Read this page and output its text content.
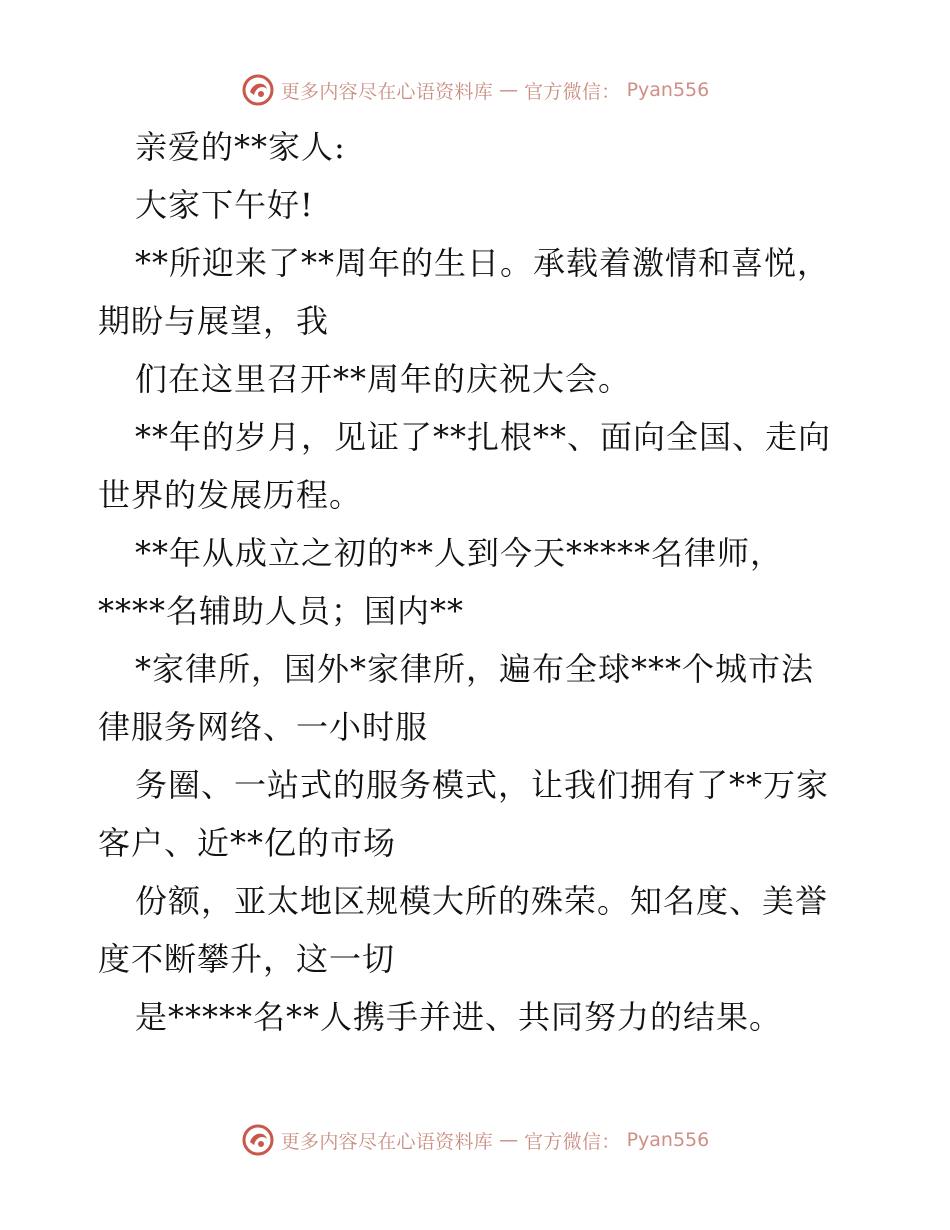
更多内容尽在心语资料库 — 官方微信： Pyan556
亲爱的**家人:
大家下午好!
**所迎来了**周年的生日。承载着激情和喜悦，
期盼与展望，我
们在这里召开**周年的庆祝大会。
**年的岁月，见证了**扎根**、面向全国、走向
世界的发展历程。
**年从成立之初的**人到今天*****名律师，
****名辅助人员；国内**
*家律所，国外*家律所，遍布全球***个城市法
律服务网络、一小时服
务圈、一站式的服务模式，让我们拥有了**万家
客户、近**亿的市场
份额，亚太地区规模大所的殊荣。知名度、美誉
度不断攀升，这一切
是*****名**人携手并进、共同努力的结果。
更多内容尽在心语资料库 — 官方微信： Pyan556
